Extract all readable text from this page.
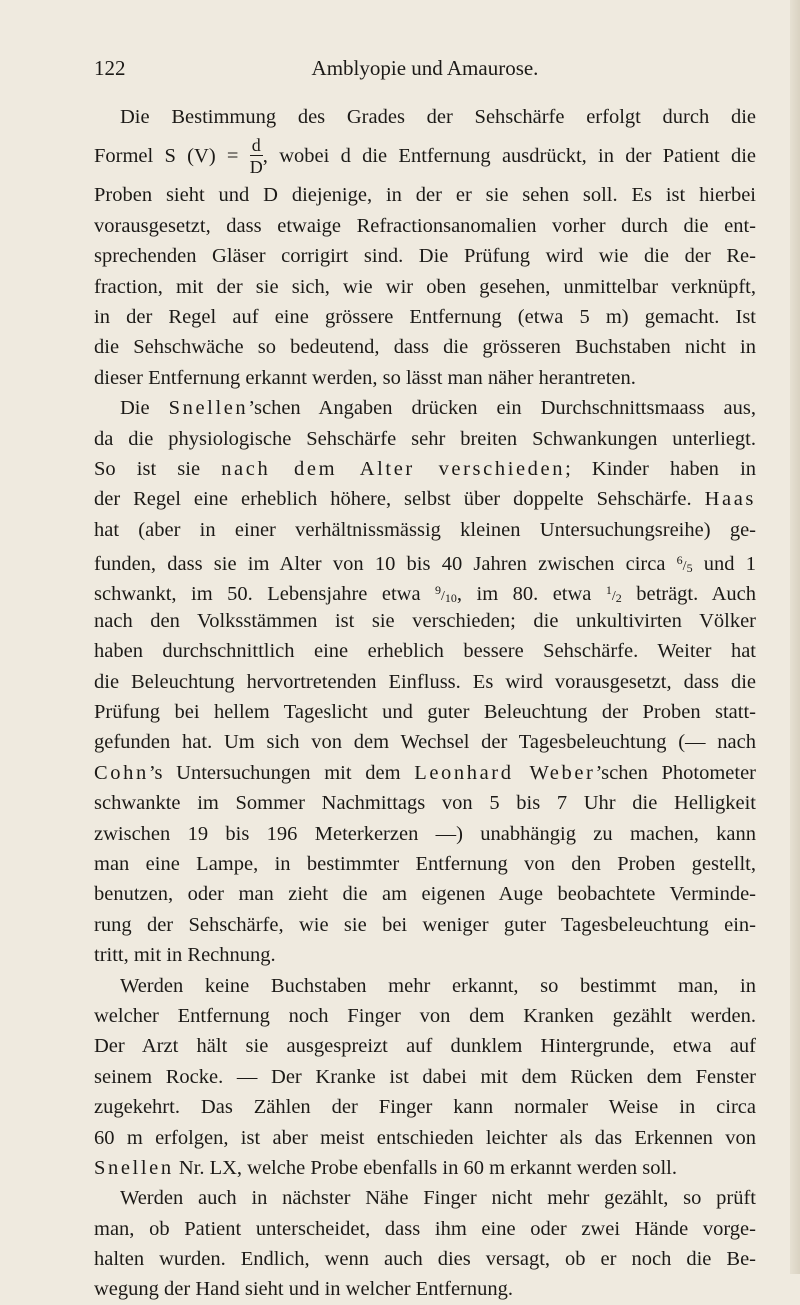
122	Amblyopie und Amaurose.
Die Bestimmung des Grades der Sehschärfe erfolgt durch die
Formel S $(V) = \frac{d}{D}$ , wobei d die Entfernung ausdrückt, in der Patient die
Proben sieht und D diejenige, in der er sie sehen soll. Es ist hierbei
vorausgesetzt, dass etwaige Refractionsanomalien vorher durch die ent-
sprechenden Gläser corrigirt sind. Die Prüfung wird wie die der Re-
fraction, mit der sie sich, wie wir oben gesehen, unmittelbar verknüpft,
in der Regel auf eine grössere Entfernung (etwa 5 m) gemacht. Ist
die Sehschwäche so bedeutend, dass die grösseren Buchstaben nicht in
dieser Entfernung erkannt werden, so lässt man näher herantreten.
Die Snellen’schen Angaben drücken ein Durchschnittsmaass aus,
da die physiologische Sehschärfe sehr breiten Schwankungen unterliegt.
So ist sie nach dem Alter verschieden; Kinder haben in
der Regel eine erheblich höhere, selbst über doppelte Sehschärfe. Haas
hat (aber in einer verhältnissmässig kleinen Untersuchungsreihe) ge-
funden, dass sie im Alter von 10 bis 40 Jahren zwischen circa $^6/_5$ und 1
schwankt, im 50. Lebensjahre etwa $^9/_{10}$, im 80. etwa $^1/_2$ beträgt. Auch
nach den Volksstämmen ist sie verschieden; die unkultivirten Völker
haben durchschnittlich eine erheblich bessere Sehschärfe. Weiter hat
die Beleuchtung hervortretenden Einfluss. Es wird vorausgesetzt, dass die
Prüfung bei hellem Tageslicht und guter Beleuchtung der Proben statt-
gefunden hat. Um sich von dem Wechsel der Tagesbeleuchtung (— nach
Cohn’s Untersuchungen mit dem Leonhard Weber’schen Photometer
schwankte im Sommer Nachmittags von 5 bis 7 Uhr die Helligkeit
zwischen 19 bis 196 Meterkerzen —) unabhängig zu machen, kann
man eine Lampe, in bestimmter Entfernung von den Proben gestellt,
benutzen, oder man zieht die am eigenen Auge beobachtete Verminde-
rung der Sehschärfe, wie sie bei weniger guter Tagesbeleuchtung ein-
tritt, mit in Rechnung.
Werden keine Buchstaben mehr erkannt, so bestimmt man, in
welcher Entfernung noch Finger von dem Kranken gezählt werden.
Der Arzt hält sie ausgespreizt auf dunklem Hintergrunde, etwa auf
seinem Rocke. — Der Kranke ist dabei mit dem Rücken dem Fenster
zugekehrt. Das Zählen der Finger kann normaler Weise in circa
60 m erfolgen, ist aber meist entschieden leichter als das Erkennen von
Snellen Nr. LX, welche Probe ebenfalls in 60 m erkannt werden soll.
Werden auch in nächster Nähe Finger nicht mehr gezählt, so prüft
man, ob Patient unterscheidet, dass ihm eine oder zwei Hände vorge-
halten wurden. Endlich, wenn auch dies versagt, ob er noch die Be-
wegung der Hand sieht und in welcher Entfernung.
